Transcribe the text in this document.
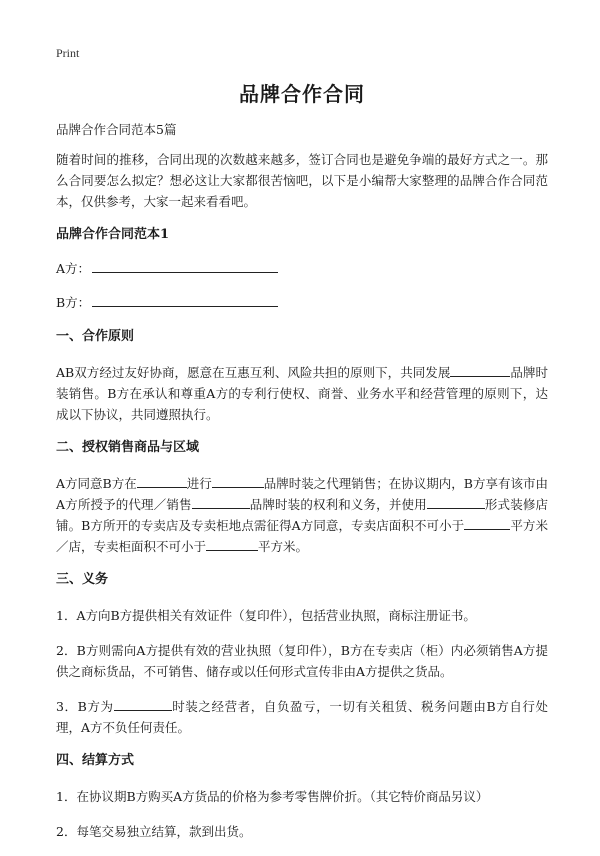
Print
品牌合作合同
品牌合作合同范本5篇
随着时间的推移，合同出现的次数越来越多，签订合同也是避免争端的最好方式之一。那么合同要怎么拟定？想必这让大家都很苦恼吧，以下是小编帮大家整理的品牌合作合同范本，仅供参考，大家一起来看看吧。
品牌合作合同范本1
A方：
B方：
一、合作原则
AB双方经过友好协商，愿意在互惠互利、风险共担的原则下，共同发展	品牌时装销售。B方在承认和尊重A方的专利行使权、商誉、业务水平和经营管理的原则下，达成以下协议，共同遵照执行。
二、授权销售商品与区域
A方同意B方在	进行	品牌时装之代理销售；在协议期内，B方享有该市由A方所授予的代理／销售	品牌时装的权利和义务，并使用	形式装修店铺。B方所开的专卖店及专卖柜地点需征得A方同意，专卖店面积不可小于	平方米／店，专卖柜面积不可小于	平方米。
三、义务
1．A方向B方提供相关有效证件（复印件），包括营业执照，商标注册证书。
2．B方则需向A方提供有效的营业执照（复印件），B方在专卖店（柜）内必须销售A方提供之商标货品，不可销售、储存或以任何形式宣传非由A方提供之货品。
3．B方为	时装之经营者，自负盈亏，一切有关租赁、税务问题由B方自行处理，A方不负任何责任。
四、结算方式
1．在协议期B方购买A方货品的价格为参考零售牌价折。（其它特价商品另议）
2．每笔交易独立结算，款到出货。
